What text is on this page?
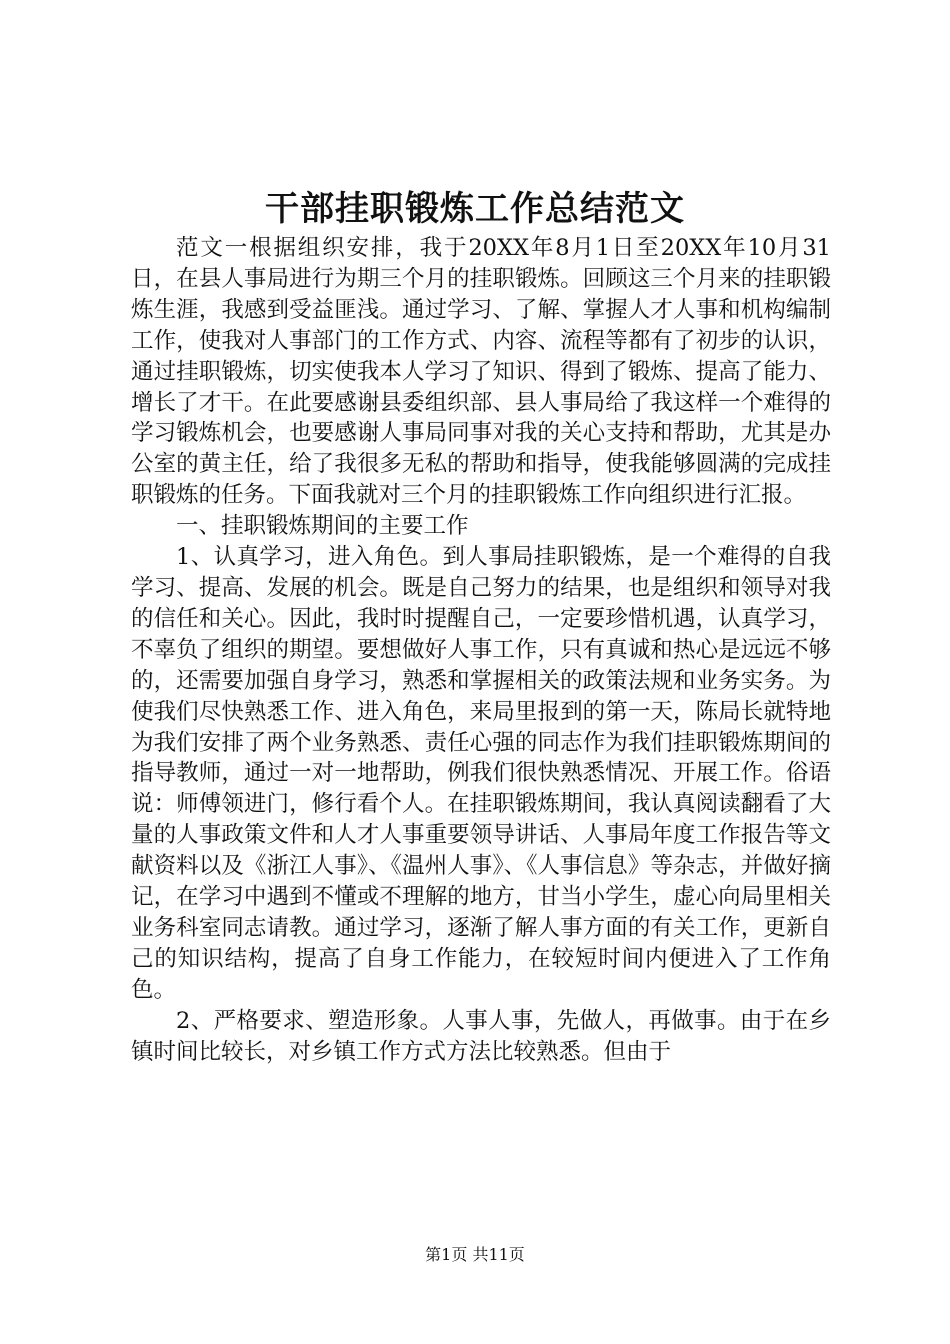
干部挂职锻炼工作总结范文

范文一根据组织安排，我于20XX年8月1日至20XX年10月31日，在县人事局进行为期三个月的挂职锻炼。回顾这三个月来的挂职锻炼生涯，我感到受益匪浅。通过学习、了解、掌握人才人事和机构编制工作，使我对人事部门的工作方式、内容、流程等都有了初步的认识，通过挂职锻炼，切实使我本人学习了知识、得到了锻炼、提高了能力、增长了才干。在此要感谢县委组织部、县人事局给了我这样一个难得的学习锻炼机会，也要感谢人事局同事对我的关心支持和帮助，尤其是办公室的黄主任，给了我很多无私的帮助和指导，使我能够圆满的完成挂职锻炼的任务。下面我就对三个月的挂职锻炼工作向组织进行汇报。

一、挂职锻炼期间的主要工作

1、认真学习，进入角色。到人事局挂职锻炼，是一个难得的自我学习、提高、发展的机会。既是自己努力的结果，也是组织和领导对我的信任和关心。因此，我时时提醒自己，一定要珍惜机遇，认真学习，不辜负了组织的期望。要想做好人事工作，只有真诚和热心是远远不够的，还需要加强自身学习，熟悉和掌握相关的政策法规和业务实务。为使我们尽快熟悉工作、进入角色，来局里报到的第一天，陈局长就特地为我们安排了两个业务熟悉、责任心强的同志作为我们挂职锻炼期间的指导教师，通过一对一地帮助，例我们很快熟悉情况、开展工作。俗语说：师傅领进门，修行看个人。在挂职锻炼期间，我认真阅读翻看了大量的人事政策文件和人才人事重要领导讲话、人事局年度工作报告等文献资料以及《浙江人事》、《温州人事》、《人事信息》等杂志，并做好摘记，在学习中遇到不懂或不理解的地方，甘当小学生，虚心向局里相关业务科室同志请教。通过学习，逐渐了解人事方面的有关工作，更新自己的知识结构，提高了自身工作能力，在较短时间内便进入了工作角色。

2、严格要求、塑造形象。人事人事，先做人，再做事。由于在乡镇时间比较长，对乡镇工作方式方法比较熟悉。但由于

第1页 共11页
